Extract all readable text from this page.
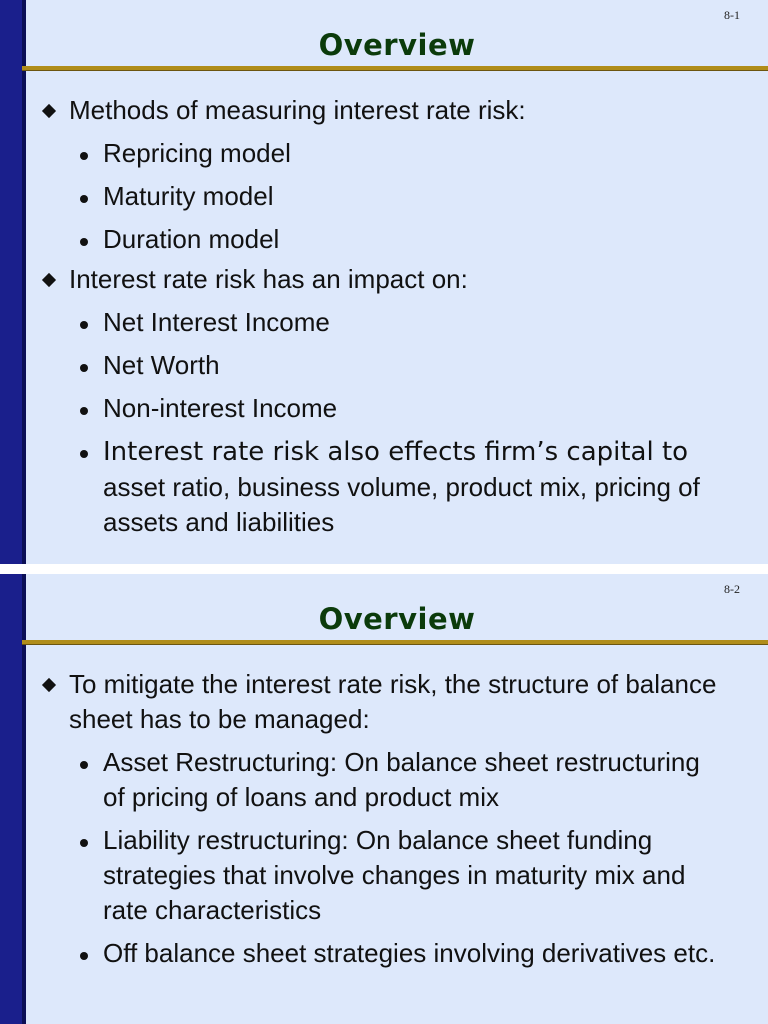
8-1
Overview
Methods of measuring interest rate risk:
Repricing model
Maturity model
Duration model
Interest rate risk has an impact on:
Net Interest Income
Net Worth
Non-interest Income
Interest rate risk also effects firm’s capital to asset ratio, business volume, product mix, pricing of assets and liabilities
8-2
Overview
To mitigate the interest rate risk, the structure of balance sheet has to be managed:
Asset Restructuring: On balance sheet restructuring of pricing of loans and product mix
Liability restructuring: On balance sheet funding strategies that involve changes in maturity mix and rate characteristics
Off balance sheet strategies involving derivatives etc.
